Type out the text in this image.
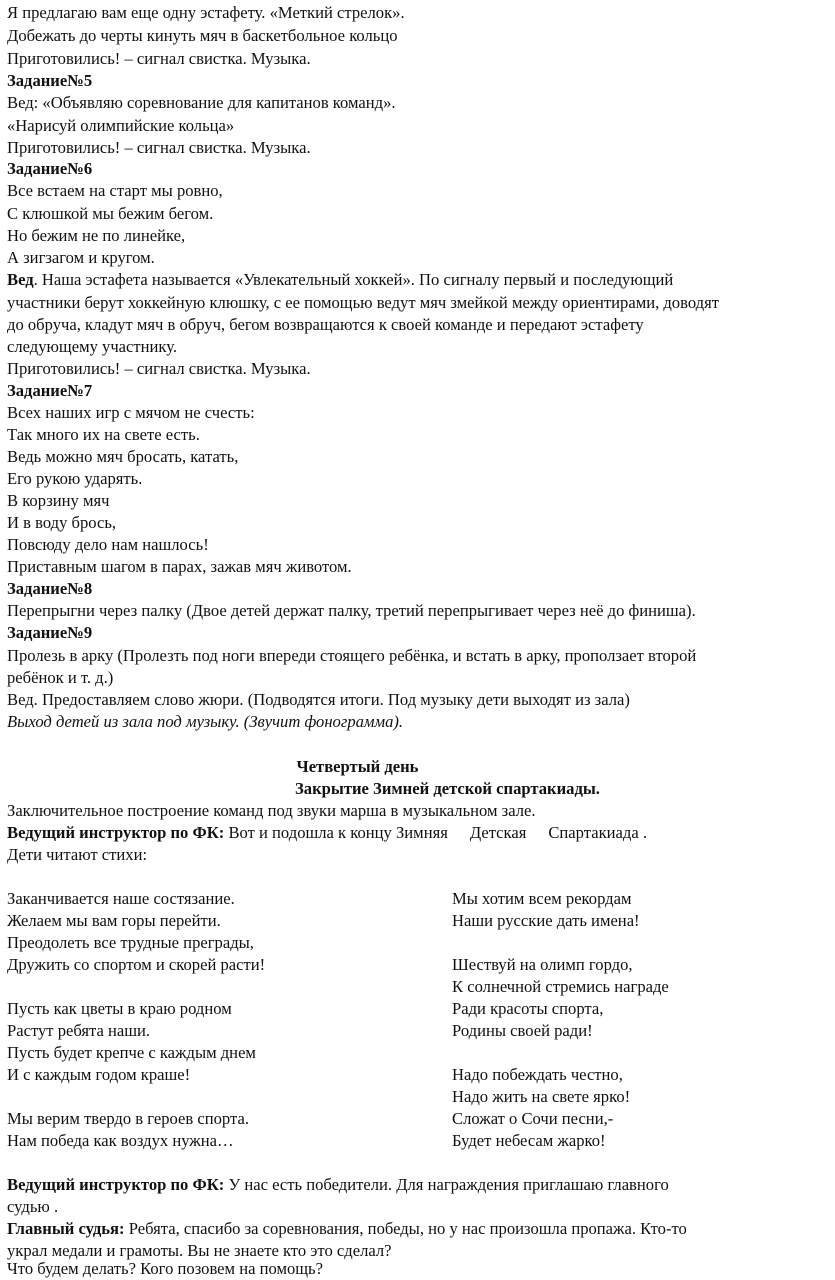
Я предлагаю вам еще одну эстафету. «Меткий стрелок».
Добежать до черты кинуть мяч в баскетбольное кольцо
Приготовились! – сигнал свистка. Музыка.
Задание№5
Вед: «Объявляю соревнование для капитанов команд».
«Нарисуй олимпийские кольца»
Приготовились! – сигнал свистка. Музыка.
Задание№6
Все встаем на старт мы ровно,
С клюшкой мы бежим бегом.
Но бежим не по линейке,
А зигзагом и кругом.
Вед. Наша эстафета называется «Увлекательный хоккей». По сигналу первый и последующий
участники берут хоккейную клюшку, с ее помощью ведут мяч змейкой между ориентирами, доводят
до обруча, кладут мяч в обруч, бегом возвращаются к своей команде и передают эстафету
следующему участнику.
Приготовились! – сигнал свистка. Музыка.
Задание№7
Всех наших игр с мячом не счесть:
Так много их на свете есть.
Ведь можно мяч бросать, катать,
Его рукою ударять.
В корзину мяч
И в воду брось,
Повсюду дело нам нашлось!
Приставным шагом в парах, зажав мяч животом.
Задание№8
Перепрыгни через палку (Двое детей держат палку, третий перепрыгивает через неё до финиша).
Задание№9
Пролезь в арку (Пролезть под ноги впереди стоящего ребёнка, и встать в арку, проползает второй
ребёнок и т. д.)
Вед. Предоставляем слово жюри. (Подводятся итоги. Под музыку дети выходят из зала)
Выход детей из зала под музыку. (Звучит фонограмма).
Четвертый день
Закрытие Зимней детской спартакиады.
Заключительное построение команд под звуки марша в музыкальном зале.
Ведущий инструктор по ФК: Вот и подошла к концу Зимняя Детская Спартакиада .
Дети читают стихи:
Заканчивается наше состязание.
Желаем мы вам горы перейти.
Преодолеть все трудные преграды,
Дружить со спортом и скорей расти!
Пусть как цветы в краю родном
Растут ребята наши.
Пусть будет крепче с каждым днем
И с каждым годом краше!
Мы верим твердо в героев спорта.
Нам победа как воздух нужна…
Мы хотим всем рекордам
Наши русские дать имена!
Шествуй на олимп гордо,
К солнечной стремись награде
Ради красоты спорта,
Родины своей ради!
Надо побеждать честно,
Надо жить на свете ярко!
Сложат о Сочи песни,-
Будет небесам жарко!
Ведущий инструктор по ФК: У нас есть победители. Для награждения приглашаю главного
судью .
Главный судья: Ребята, спасибо за соревнования, победы, но у нас произошла пропажа. Кто-то
украл медали и грамоты. Вы не знаете кто это сделал?
Что будем делать? Кого позовем на помощь?
